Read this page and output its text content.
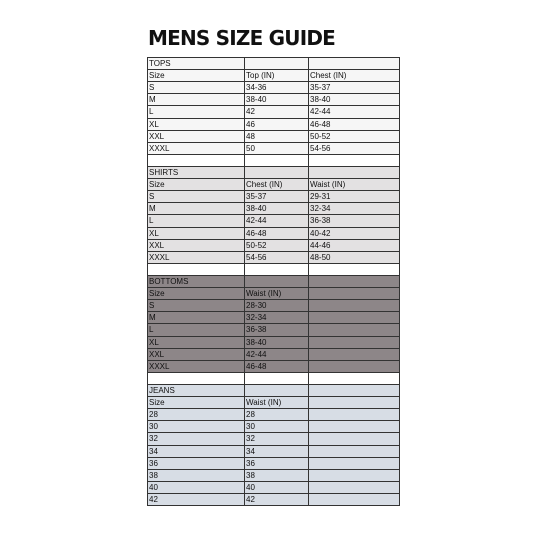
MENS SIZE GUIDE
TOPS		
Size	Top (IN)	Chest (IN)
S	34-36	35-37
M	38-40	38-40
L	42	42-44
XL	46	46-48
XXL	48	50-52
XXXL	50	54-56

SHIRTS		
Size	Chest (IN)	Waist (IN)
S	35-37	29-31
M	38-40	32-34
L	42-44	36-38
XL	46-48	40-42
XXL	50-52	44-46
XXXL	54-56	48-50

BOTTOMS		
Size	Waist (IN)	
S	28-30	
M	32-34	
L	36-38	
XL	38-40	
XXL	42-44	
XXXL	46-48	

JEANS		
Size	Waist (IN)	
28	28	
30	30	
32	32	
34	34	
36	36	
38	38	
40	40	
42	42	
